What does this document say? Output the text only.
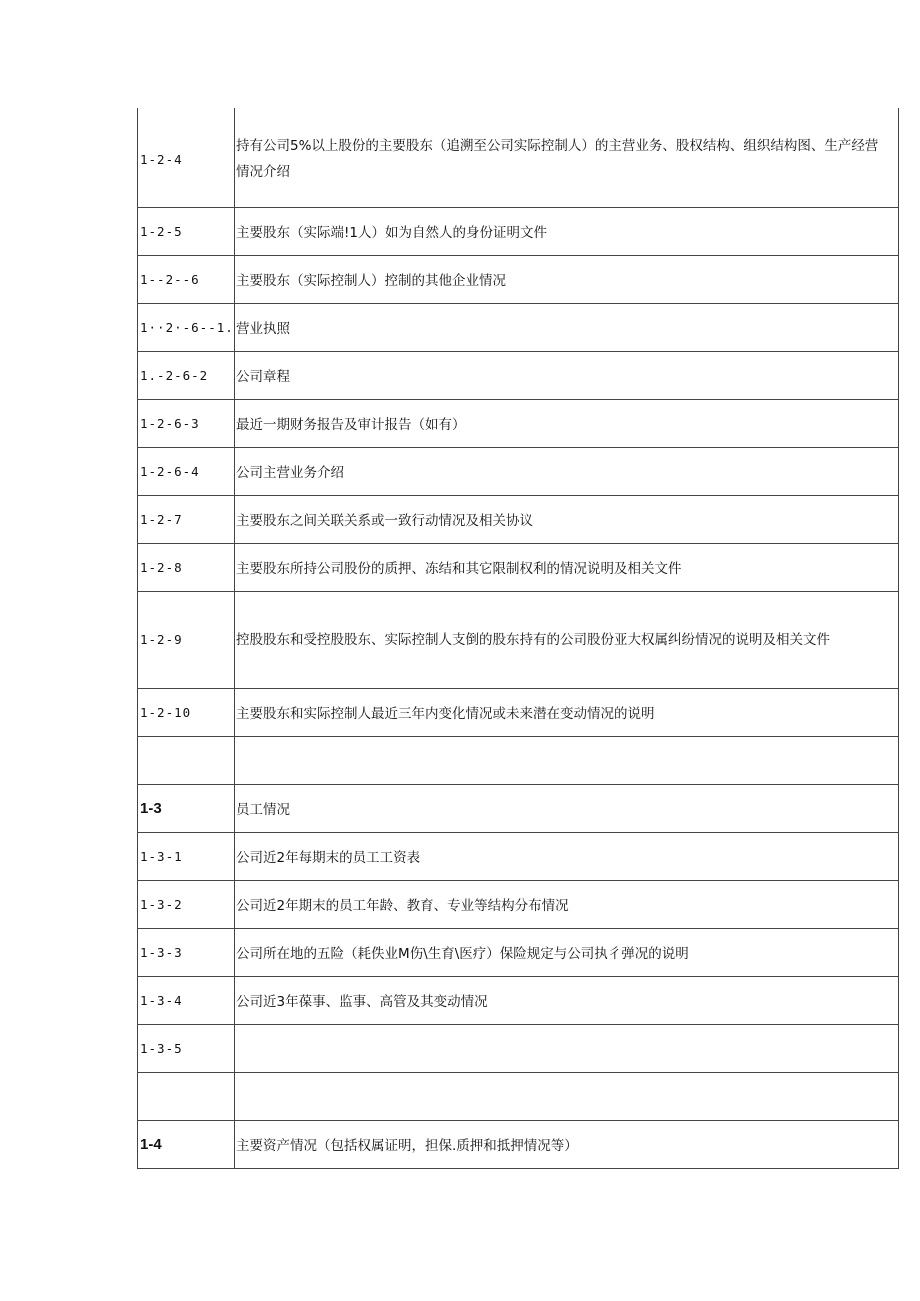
1-2-4	持有公司5%以上股份的主要股东（追溯至公司实际控制人）的主营业务、股权结构、组织结构图、生产经营情况介绍
1-2-5	主要股东（实际端!1人）如为自然人的身份证明文件
1--2--6	主要股东（实际控制人）控制的其他企业情况
1··2·-6--1.	营业执照
1.-2-6-2	公司章程
1-2-6-3	最近一期财务报告及审计报告（如有）
1-2-6-4	公司主营业务介绍
1-2-7	主要股东之间关联关系或一致行动情况及相关协议
1-2-8	主要股东所持公司股份的质押、冻结和其它限制权利的情况说明及相关文件
1-2-9	控股股东和受控股股东、实际控制人支倒的股东持有的公司股份亚大权属纠纷情况的说明及相关文件
1-2-10	主要股东和实际控制人最近三年内变化情况或未来潜在变动情况的说明

1-3	员工情况
1-3-1	公司近2年每期末的员工工资表
1-3-2	公司近2年期末的员工年龄、教育、专业等结构分布情况
1-3-3	公司所在地的五险（耗佚业M伤\生育\医疗）保险规定与公司执彳弹况的说明
1-3-4	公司近3年葆事、监事、高管及其变动情况
1-3-5	

1-4	主要资产情况（包括权属证明，担保.质押和抵押情况等）
